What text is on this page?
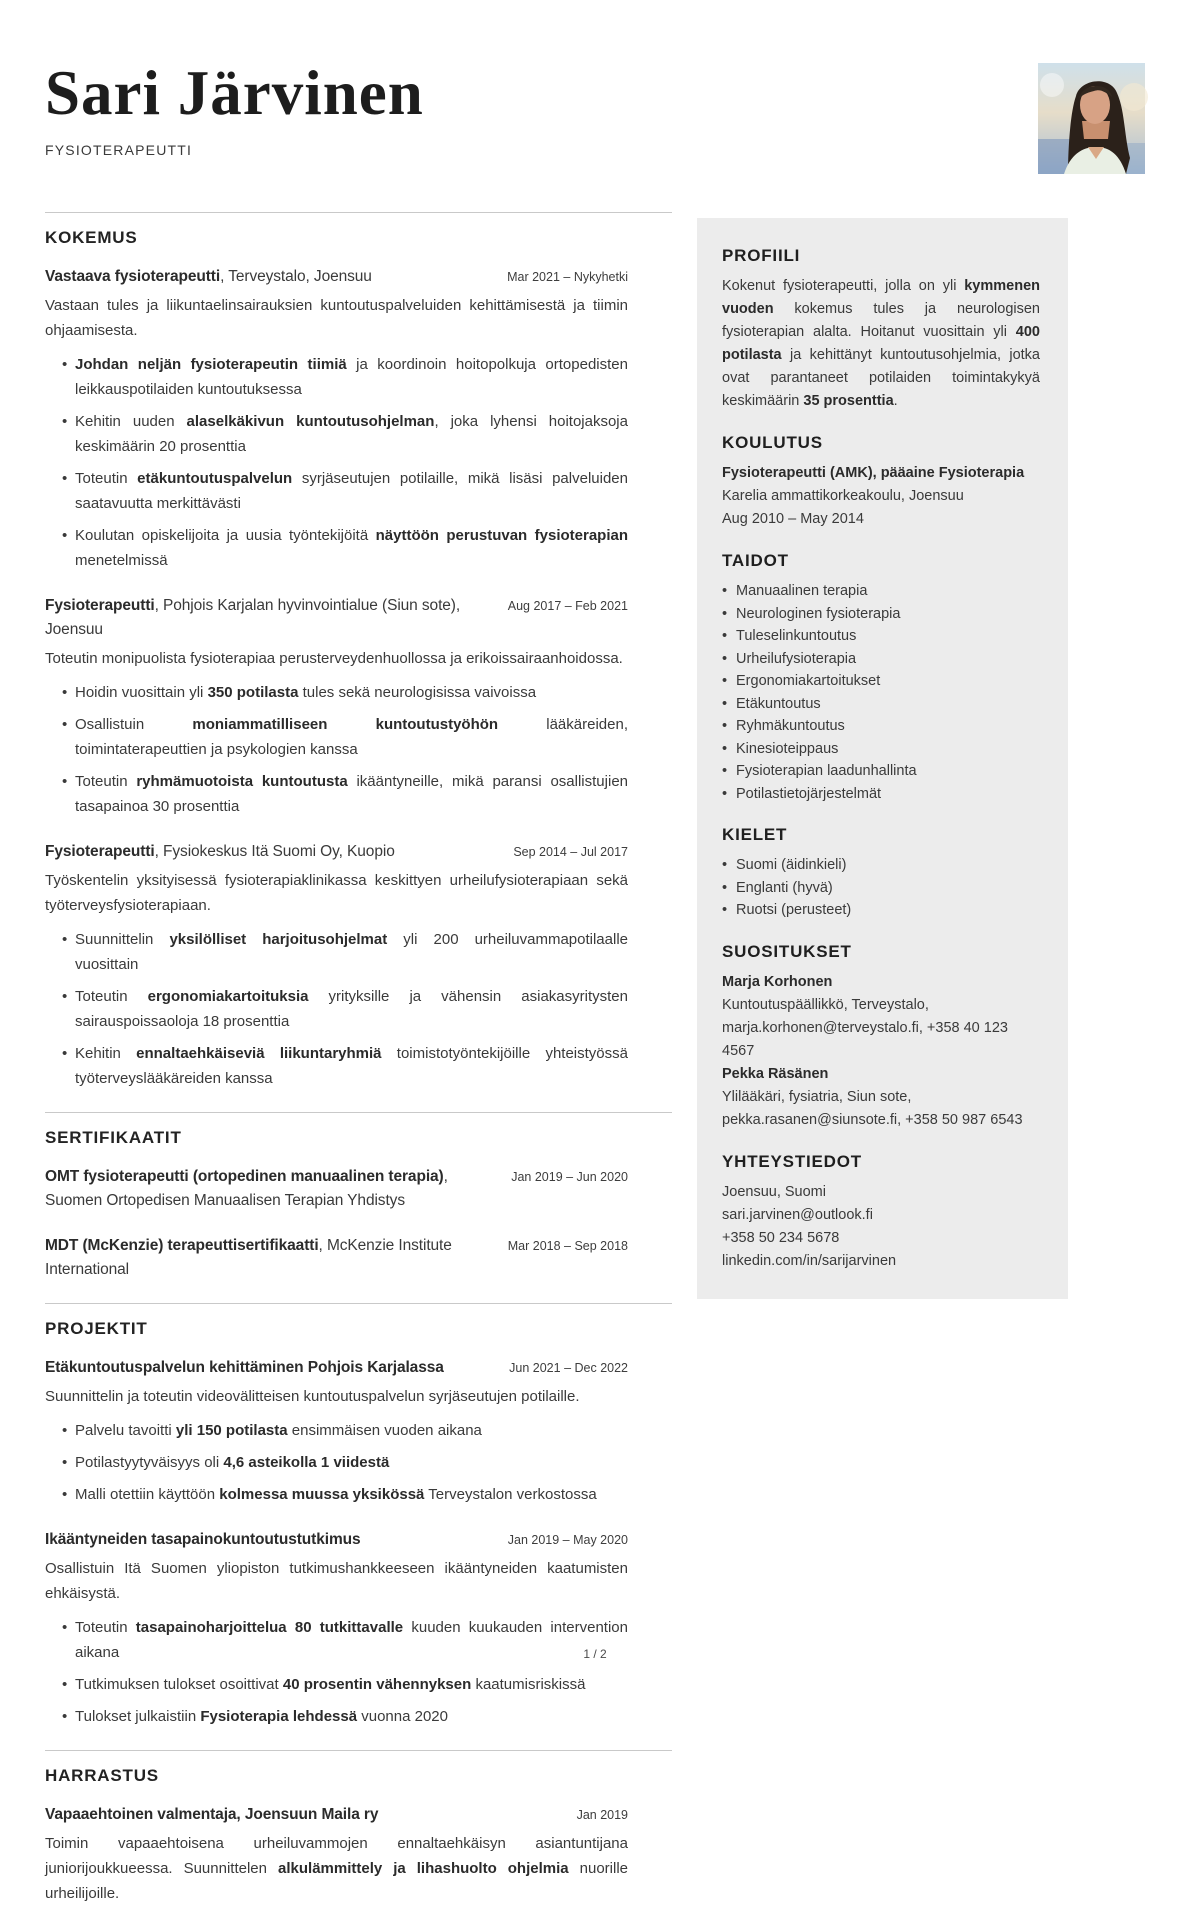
Sari Järvinen
FYSIOTERAPEUTTI
KOKEMUS
Vastaava fysioterapeutti, Terveystalo, Joensuu	Mar 2021 – Nykyhetki

Vastaan tules ja liikuntaelinsairauksien kuntoutuspalveluiden kehittämisestä ja tiimin ohjaamisesta.

• Johdan neljän fysioterapeutin tiimiä ja koordinoin hoitopolkuja ortopedisten leikkauspotilaiden kuntoutuksessa
• Kehitin uuden alaselkäkivun kuntoutusohjelman, joka lyhensi hoitojaksoja keskimäärin 20 prosenttia
• Toteutin etäkuntoutuspalvelun syrjäseutujen potilaille, mikä lisäsi palveluiden saatavuutta merkittävästi
• Koulutan opiskelijoita ja uusia työntekijöitä näyttöön perustuvan fysioterapian menetelmissä
Fysioterapeutti, Pohjois Karjalan hyvinvointialue (Siun sote), Joensuu
Aug 2017 – Feb 2021

Toteutin monipuolista fysioterapiaa perusterveydenhuollossa ja erikoissairaanhoidossa.

• Hoidin vuosittain yli 350 potilasta tules sekä neurologisissa vaivoissa
• Osallistuin moniammatilliseen kuntoutustyöhön lääkäreiden, toimintaterapeuttien ja psykologien kanssa
• Toteutin ryhmämuotoista kuntoutusta ikääntyneille, mikä paransi osallistujien tasapainoa 30 prosenttia
Fysioterapeutti, Fysiokeskus Itä Suomi Oy, Kuopio	Sep 2014 – Jul 2017

Työskentelin yksityisessä fysioterapiaklinikassa keskittyen urheilufysioterapiaan sekä työterveysfysioterapiaan.

• Suunnittelin yksilölliset harjoitusohjelmat yli 200 urheiluvammapotilaalle vuosittain
• Toteutin ergonomiakartoituksia yrityksille ja vähensin asiakasyritysten sairauspoissaoloja 18 prosenttia
• Kehitin ennaltaehkäiseviä liikuntaryhmiä toimistotyöntekijöille yhteistyössä työterveyslääkäreiden kanssa
SERTIFIKAATIT
OMT fysioterapeutti (ortopedinen manuaalinen terapia), Suomen Ortopedisen Manuaalisen Terapian Yhdistys
Jan 2019 – Jun 2020
MDT (McKenzie) terapeuttisertifikaatti, McKenzie Institute International
Mar 2018 – Sep 2018
PROJEKTIT
Etäkuntoutuspalvelun kehittäminen Pohjois Karjalassa	Jun 2021 – Dec 2022

Suunnittelin ja toteutin videovälitteisen kuntoutuspalvelun syrjäseutujen potilaille.

• Palvelu tavoitti yli 150 potilasta ensimmäisen vuoden aikana
• Potilastyytyväisyys oli 4,6 asteikolla 1 viidestä
• Malli otettiin käyttöön kolmessa muussa yksikössä Terveystalon verkostossa
Ikääntyneiden tasapainokuntoutustutkimus	Jan 2019 – May 2020

Osallistuin Itä Suomen yliopiston tutkimushankkeeseen ikääntyneiden kaatumisten ehkäisystä.

• Toteutin tasapainoharjoittelua 80 tutkittavalle kuuden kuukauden intervention aikana
• Tutkimuksen tulokset osoittivat 40 prosentin vähennyksen kaatumisriskissä
• Tulokset julkaistiin Fysioterapia lehdessä vuonna 2020
HARRASTUS
Vapaaehtoinen valmentaja, Joensuun Maila ry	Jan 2019

Toimin vapaaehtoisena urheiluvammojen ennaltaehkäisyn asiantuntijana juniorijoukkueessa. Suunnittelen alkulämmittely ja lihashuolto ohjelmia nuorille urheilijoille.

PROFIILI

Kokenut fysioterapeutti, jolla on yli kymmenen vuoden kokemus tules ja neurologisen fysioterapian alalta. Hoitanut vuosittain yli 400 potilasta ja kehittänyt kuntoutusohjelmia, jotka ovat parantaneet potilaiden toimintakykyä keskimäärin 35 prosenttia.

KOULUTUS

Fysioterapeutti (AMK), pääaine Fysioterapia

Karelia ammattikorkeakoulu, Joensuu

Aug 2010 – May 2014

TAIDOT
• Manuaalinen terapia
• Neurologinen fysioterapia
• Tuleselinkuntoutus
• Urheilufysioterapia
• Ergonomiakartoitukset
• Etäkuntoutus
• Ryhmäkuntoutus
• Kinesioteippaus
• Fysioterapian laadunhallinta
• Potilastietojärjestelmät
KIELET
• Suomi (äidinkieli)
• Englanti (hyvä)
• Ruotsi (perusteet)
SUOSITUKSET

Marja Korhonen

Kuntoutuspäällikkö, Terveystalo, marja.korhonen@terveystalo.fi, +358 40 123 4567

Pekka Räsänen

Ylilääkäri, fysiatria, Siun sote, pekka.rasanen@siunsote.fi, +358 50 987 6543

YHTEYSTIEDOT

Joensuu, Suomi

sari.jarvinen@outlook.fi

+358 50 234 5678

linkedin.com/in/sarijarvinen

1 / 2
